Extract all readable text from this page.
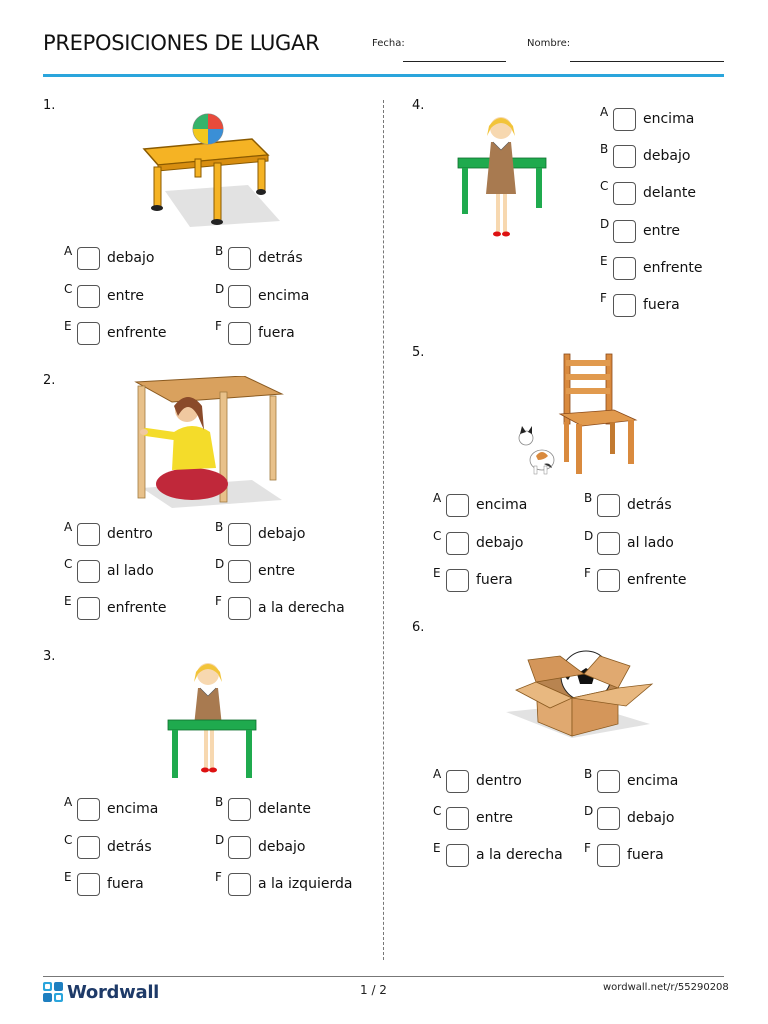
PREPOSICIONES DE LUGAR	Fecha:	Nombre:
1.
A debajo	B detrás
C entre	D encima
E	enfrente	F	fuera
2.
A dentro	B debajo
C al lado	D entre
E	enfrente	F	a la derecha
3.
A encima	B delante
C detrás	D debajo
E	fuera	F	a la izquierda
4.	A encima
B debajo
C delante
D entre
E	enfrente
F	fuera
5.
A encima	B detrás
C debajo	D al lado
E	fuera	F	enfrente
6.
A dentro	B encima
C entre	D debajo
E	a la derecha F	fuera
Wordwall	1 / 2	wordwall.net/r/55290208
